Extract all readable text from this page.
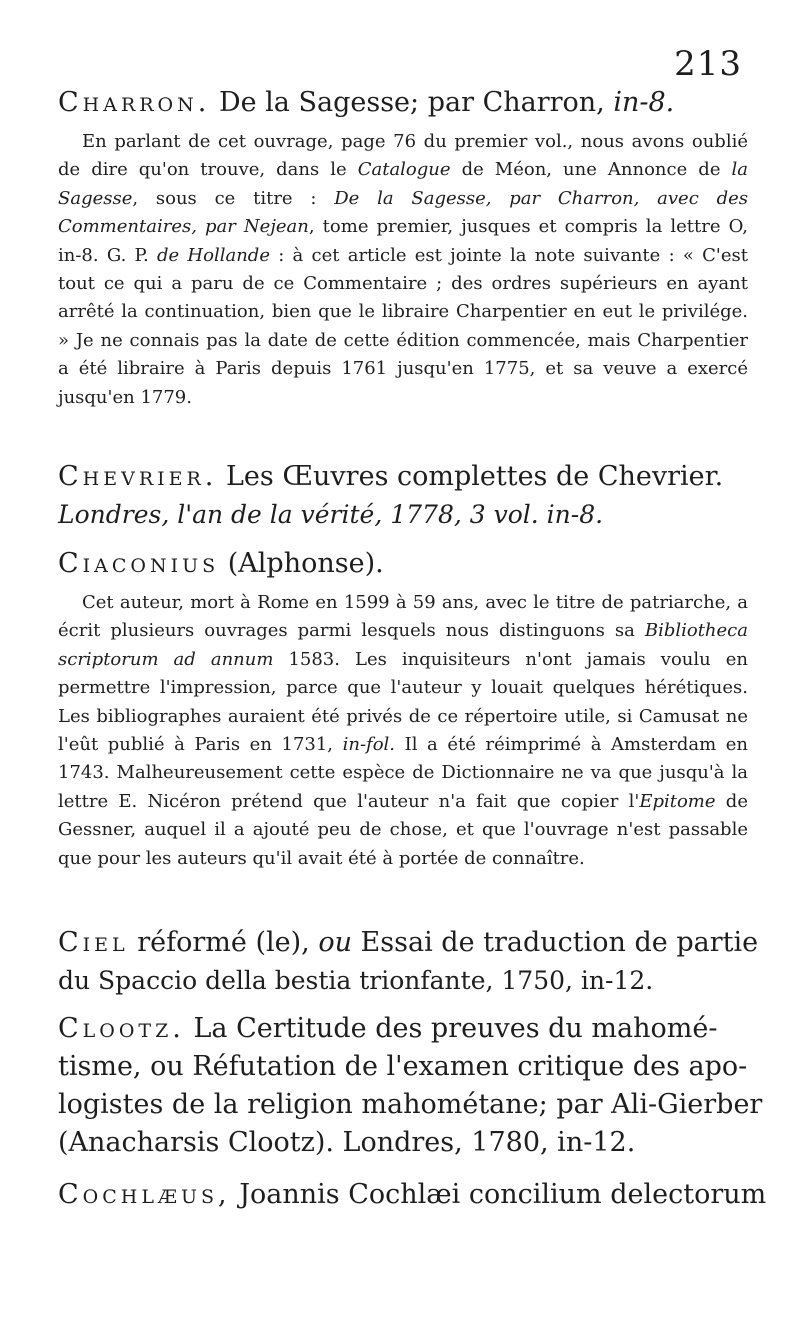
213
Charron. De la Sagesse; par Charron, in-8.

En parlant de cet ouvrage, page 76 du premier vol., nous avons oublié de dire qu'on trouve, dans le Catalogue de Méon, une Annonce de la Sagesse, sous ce titre : De la Sagesse, par Charron, avec des Commentaires, par Nejean, tome premier, jusques et compris la lettre O, in-8. G. P. de Hollande : à cet article est jointe la note suivante : « C'est tout ce qui a paru de ce Commentaire ; des ordres supérieurs en ayant arrêté la continuation, bien que le libraire Charpentier en eut le privilége. » Je ne connais pas la date de cette édition commencée, mais Charpentier a été libraire à Paris depuis 1761 jusqu'en 1775, et sa veuve a exercé jusqu'en 1779.

Chevrier. Les Œuvres complettes de Chevrier.
Londres, l'an de la vérité, 1778, 3 vol. in-8.
Ciaconius (Alphonse).

Cet auteur, mort à Rome en 1599 à 59 ans, avec le titre de patriarche, a écrit plusieurs ouvrages parmi lesquels nous distinguons sa Bibliotheca scriptorum ad annum 1583. Les inquisiteurs n'ont jamais voulu en permettre l'impression, parce que l'auteur y louait quelques hérétiques. Les bibliographes auraient été privés de ce répertoire utile, si Camusat ne l'eût publié à Paris en 1731, in-fol. Il a été réimprimé à Amsterdam en 1743. Malheureusement cette espèce de Dictionnaire ne va que jusqu'à la lettre E. Nicéron prétend que l'auteur n'a fait que copier l'Epitome de Gessner, auquel il a ajouté peu de chose, et que l'ouvrage n'est passable que pour les auteurs qu'il avait été à portée de connaître.

Ciel réformé (le), ou Essai de traduction de partie
du Spaccio della bestia trionfante, 1750, in-12.
Clootz. La Certitude des preuves du mahomé-
tisme, ou Réfutation de l'examen critique des apo-
logistes de la religion mahométane; par Ali-Gierber
(Anacharsis Clootz). Londres, 1780, in-12.
Cochlæus, Joannis Cochlæi concilium delectorum
